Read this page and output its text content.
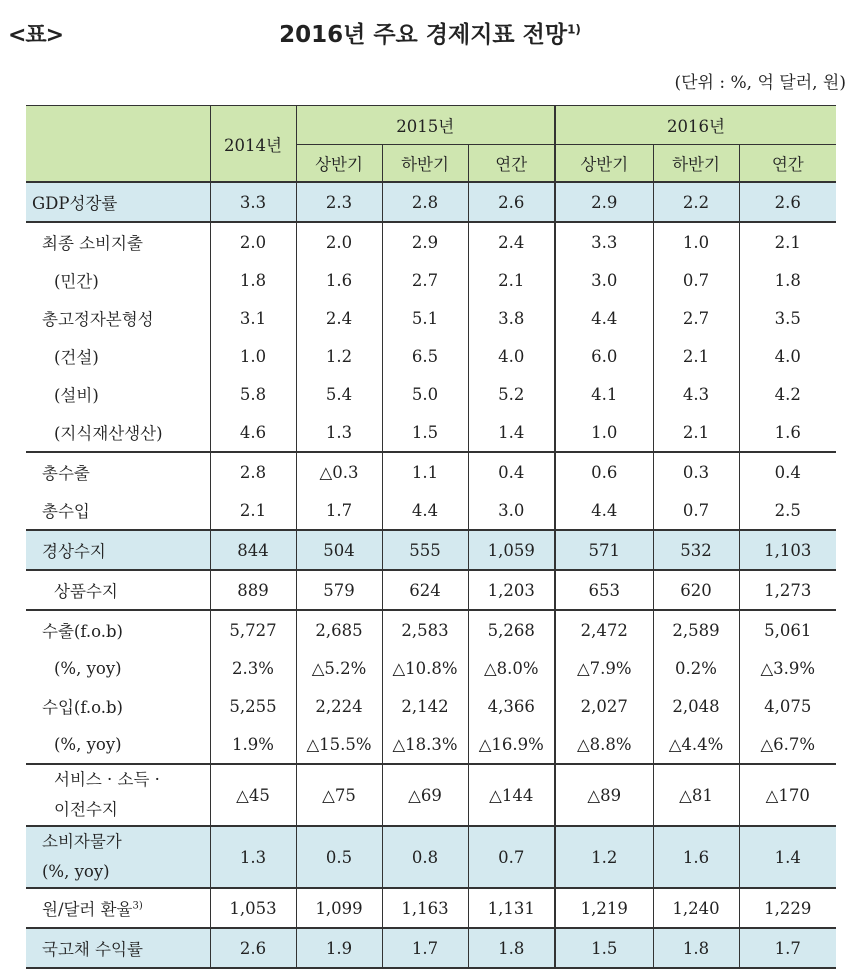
<표>	2016년 주요 경제지표 전망$^{1)}$
(단위 : %, 억 달러, 원)
	2014년	2015년			2016년		
		상반기	하반기	연간	상반기	하반기	연간
GDP성장률	3.3	2.3	2.8	2.6	2.9	2.2	2.6
최종 소비지출	2.0	2.0	2.9	2.4	3.3	1.0	2.1
(민간)	1.8	1.6	2.7	2.1	3.0	0.7	1.8
총고정자본형성	3.1	2.4	5.1	3.8	4.4	2.7	3.5
(건설)	1.0	1.2	6.5	4.0	6.0	2.1	4.0
(설비)	5.8	5.4	5.0	5.2	4.1	4.3	4.2
(지식재산생산)	4.6	1.3	1.5	1.4	1.0	2.1	1.6
총수출	2.8	△0.3	1.1	0.4	0.6	0.3	0.4
총수입	2.1	1.7	4.4	3.0	4.4	0.7	2.5
경상수지	844	504	555	1,059	571	532	1,103
상품수지	889	579	624	1,203	653	620	1,273
수출(f.o.b)	5,727	2,685	2,583	5,268	2,472	2,589	5,061
(%, yoy)	2.3%	△5.2%	△10.8%	△8.0%	△7.9%	0.2%	△3.9%
수입(f.o.b)	5,255	2,224	2,142	4,366	2,027	2,048	4,075
(%, yoy)	1.9%	△15.5%	△18.3%	△16.9%	△8.8%	△4.4%	△6.7%
서비스 · 소득 ·
이전수지	△45	△75	△69	△144	△89	△81	△170
소비자물가
(%, yoy)	1.3	0.5	0.8	0.7	1.2	1.6	1.4
원/달러 환율$^{3)}$	1,053	1,099	1,163	1,131	1,219	1,240	1,229
국고채 수익률	2.6	1.9	1.7	1.8	1.5	1.8	1.7
